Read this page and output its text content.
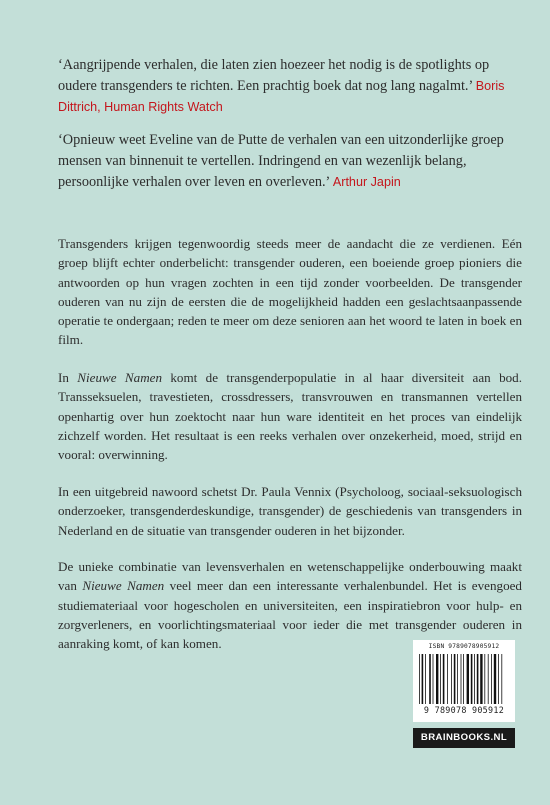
‘Aangrijpende verhalen, die laten zien hoezeer het nodig is de spotlights op oudere transgenders te richten. Een prachtig boek dat nog lang nagalmt.’ Boris Dittrich, Human Rights Watch
‘Opnieuw weet Eveline van de Putte de verhalen van een uitzonderlijke groep mensen van binnenuit te vertellen. Indringend en van wezenlijk belang, persoonlijke verhalen over leven en overleven.’ Arthur Japin
Transgenders krijgen tegenwoordig steeds meer de aandacht die ze verdienen. Eén groep blijft echter onderbelicht: transgender ouderen, een boeiende groep pioniers die antwoorden op hun vragen zochten in een tijd zonder voorbeelden. De transgender ouderen van nu zijn de eersten die de mogelijkheid hadden een geslachtsaanpassende operatie te ondergaan; reden te meer om deze senioren aan het woord te laten in boek en film.
In Nieuwe Namen komt de transgenderpopulatie in al haar diversiteit aan bod. Transseksuelen, travestieten, crossdressers, transvrouwen en transmannen vertellen openhartig over hun zoektocht naar hun ware identiteit en het proces van eindelijk zichzelf worden. Het resultaat is een reeks verhalen over onzekerheid, moed, strijd en vooral: overwinning.
In een uitgebreid nawoord schetst Dr. Paula Vennix (Psycholoog, sociaal-seksuologisch onderzoeker, transgenderdeskundige, transgender) de geschiedenis van transgenders in Nederland en de situatie van transgender ouderen in het bijzonder.
De unieke combinatie van levensverhalen en wetenschappelijke onderbouwing maakt van Nieuwe Namen veel meer dan een interessante verhalenbundel. Het is evengoed studiemateriaal voor hogescholen en universiteiten, een inspiratiebron voor hulp- en zorgverleners, en voorlichtingsmateriaal voor ieder die met transgender ouderen in aanraking komt, of kan komen.	ISBN 9789078905912
9 789078 905912
BRAINBOOKS.NL
